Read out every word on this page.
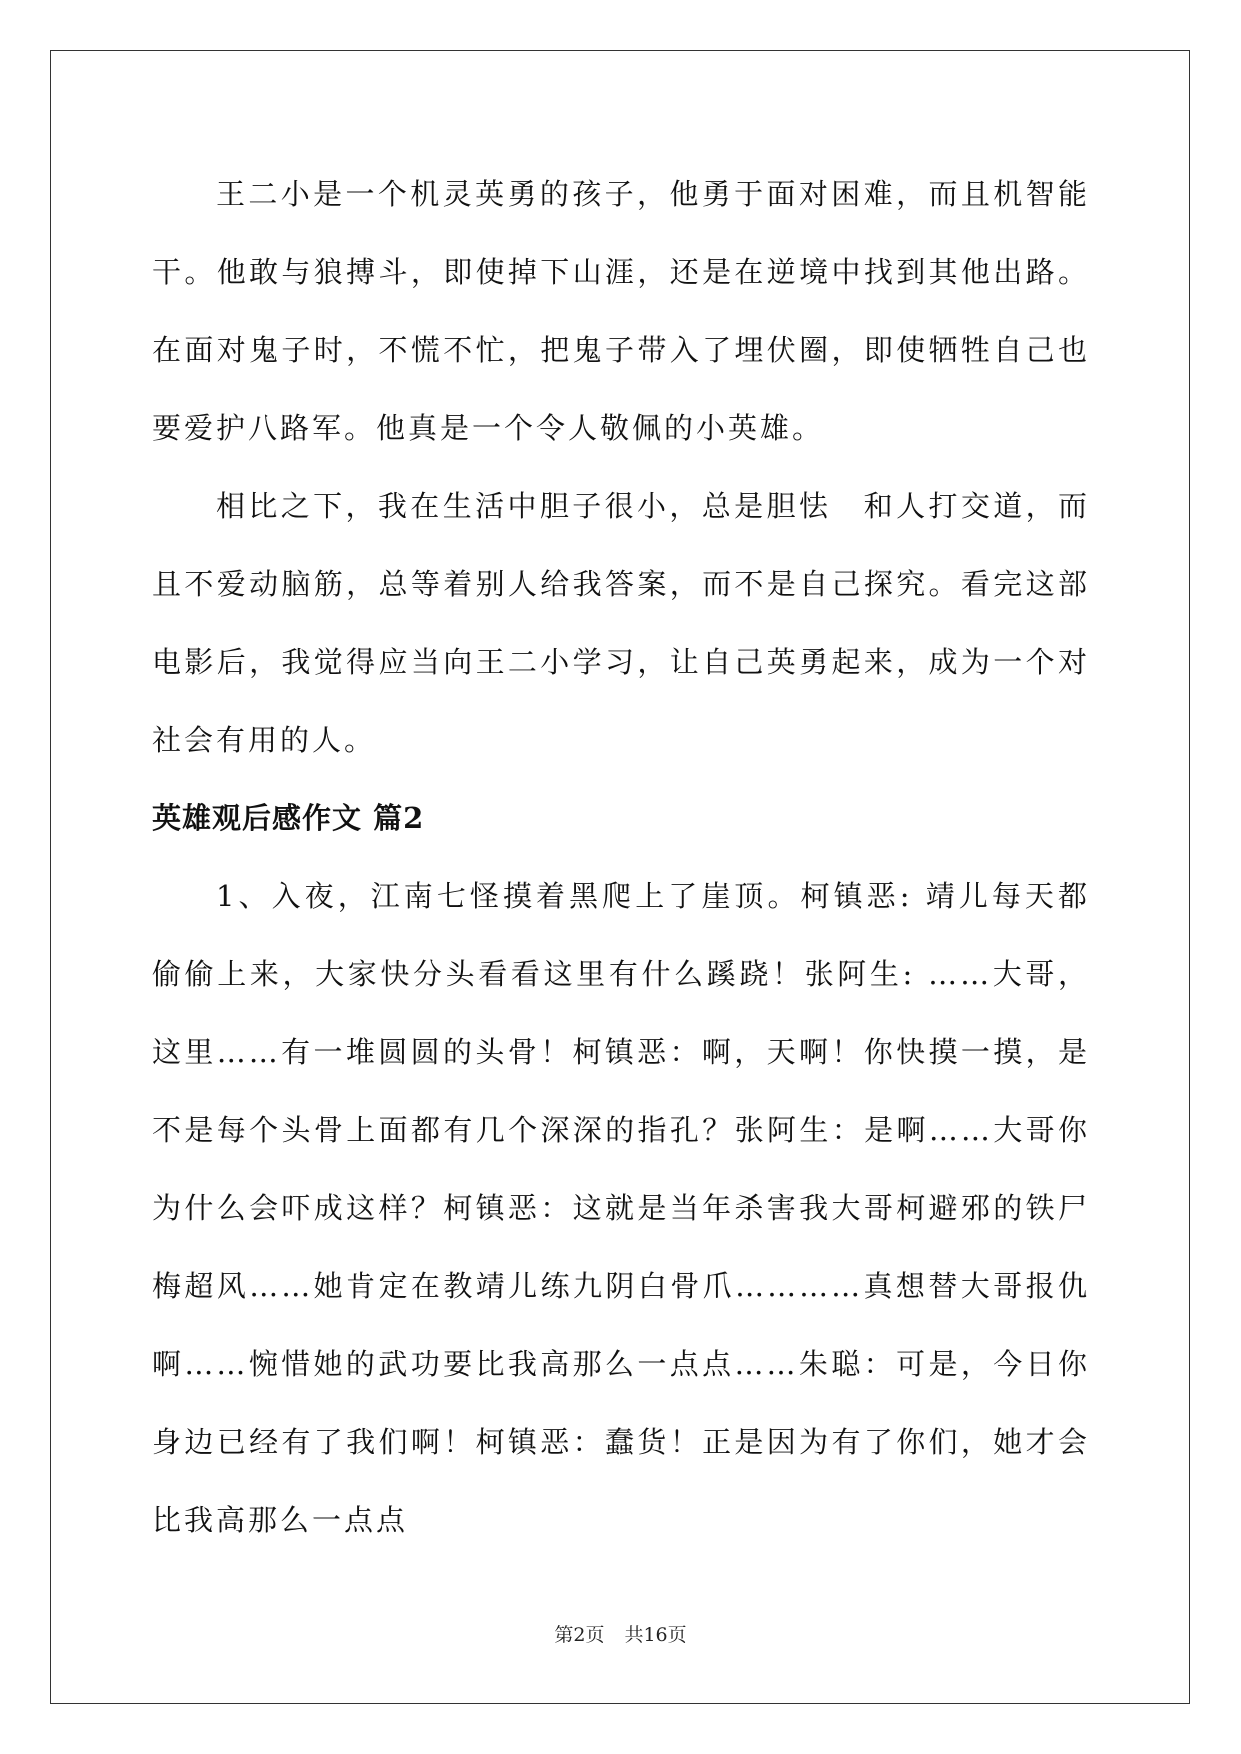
王二小是一个机灵英勇的孩子，他勇于面对困难，而且机智能干。他敢与狼搏斗，即使掉下山涯，还是在逆境中找到其他出路。在面对鬼子时，不慌不忙，把鬼子带入了埋伏圈，即使牺牲自己也要爱护八路军。他真是一个令人敬佩的小英雄。

相比之下，我在生活中胆子很小，总是胆怯　和人打交道，而且不爱动脑筋，总等着别人给我答案，而不是自己探究。看完这部电影后，我觉得应当向王二小学习，让自己英勇起来，成为一个对社会有用的人。

英雄观后感作文 篇2

1、入夜，江南七怪摸着黑爬上了崖顶。柯镇恶: 靖儿每天都偷偷上来，大家快分头看看这里有什么蹊跷！张阿生: ……大哥，这里……有一堆圆圆的头骨！柯镇恶：啊，天啊！你快摸一摸，是不是每个头骨上面都有几个深深的指孔？张阿生：是啊……大哥你为什么会吓成这样？柯镇恶：这就是当年杀害我大哥柯避邪的铁尸梅超风……她肯定在教靖儿练九阴白骨爪…………真想替大哥报仇啊……惋惜她的武功要比我高那么一点点……朱聪：可是，今日你身边已经有了我们啊！柯镇恶：蠢货！正是因为有了你们，她才会比我高那么一点点

第2页 共16页
